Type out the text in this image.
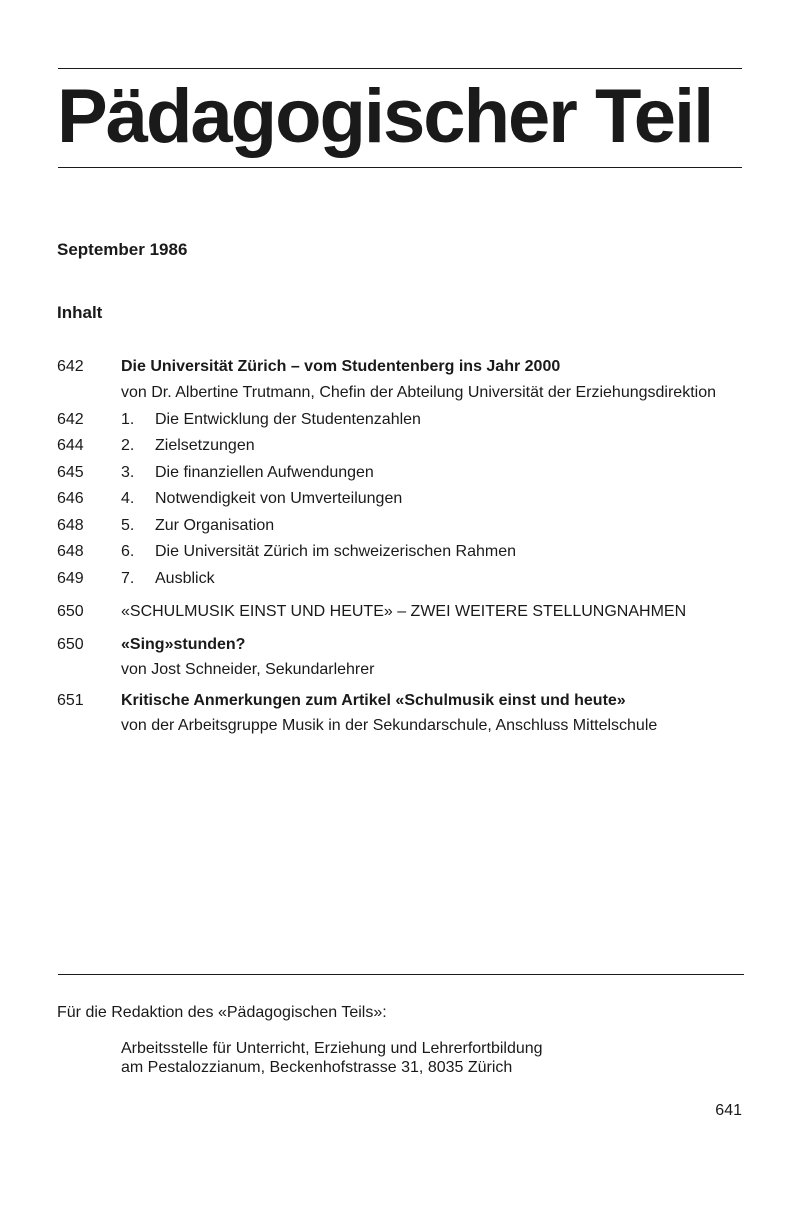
Pädagogischer Teil
September 1986
Inhalt
642 Die Universität Zürich – vom Studentenberg ins Jahr 2000
von Dr. Albertine Trutmann, Chefin der Abteilung Universität der Erziehungsdirektion
642 1. Die Entwicklung der Studentenzahlen
644 2. Zielsetzungen
645 3. Die finanziellen Aufwendungen
646 4. Notwendigkeit von Umverteilungen
648 5. Zur Organisation
648 6. Die Universität Zürich im schweizerischen Rahmen
649 7. Ausblick
650 «SCHULMUSIK EINST UND HEUTE» – ZWEI WEITERE STELLUNGNAHMEN
650 «Sing»stunden?
von Jost Schneider, Sekundarlehrer
651 Kritische Anmerkungen zum Artikel «Schulmusik einst und heute»
von der Arbeitsgruppe Musik in der Sekundarschule, Anschluss Mittelschule
Für die Redaktion des «Pädagogischen Teils»:
Arbeitsstelle für Unterricht, Erziehung und Lehrerfortbildung
am Pestalozzianum, Beckenhofstrasse 31, 8035 Zürich
641
